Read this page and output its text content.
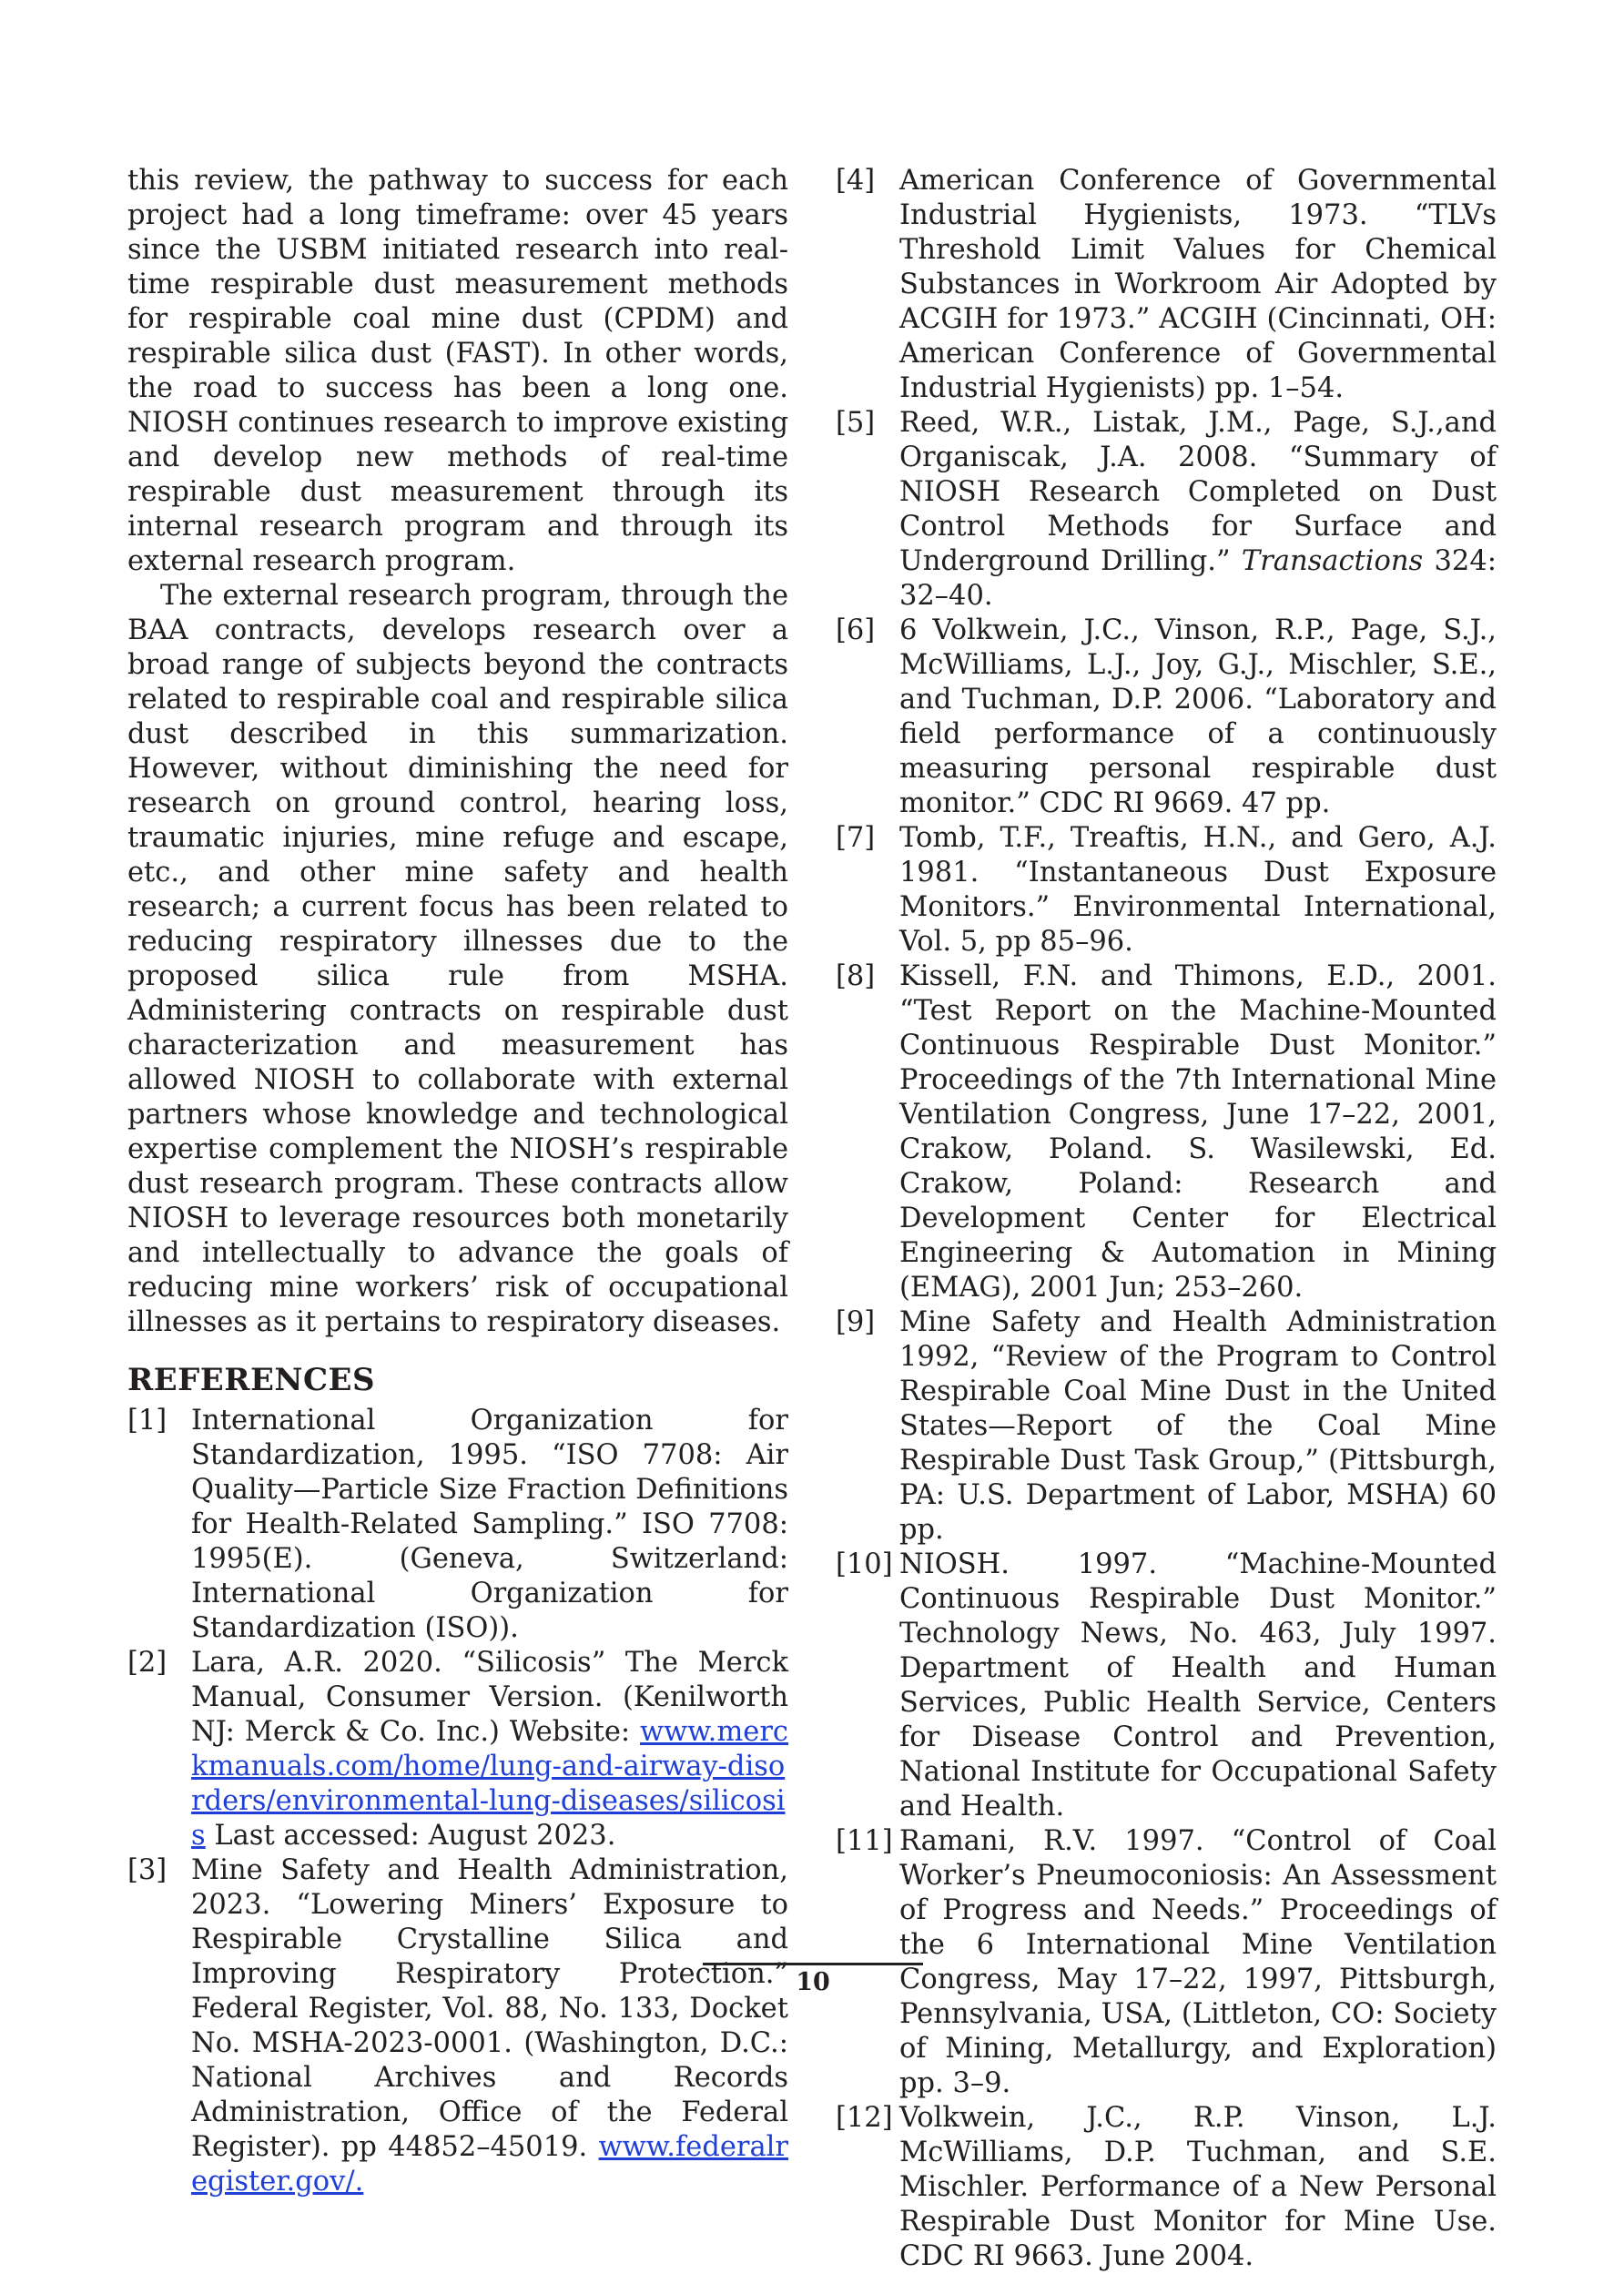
this review, the pathway to success for each project had a long timeframe: over 45 years since the USBM initiated research into real-time respirable dust measurement methods for respirable coal mine dust (CPDM) and respirable silica dust (FAST). In other words, the road to success has been a long one. NIOSH continues research to improve existing and develop new methods of real-time respirable dust measurement through its internal research program and through its external research program.

The external research program, through the BAA contracts, develops research over a broad range of subjects beyond the contracts related to respirable coal and respirable silica dust described in this summarization. However, without diminishing the need for research on ground control, hearing loss, traumatic injuries, mine refuge and escape, etc., and other mine safety and health research; a current focus has been related to reducing respiratory illnesses due to the proposed silica rule from MSHA. Administering contracts on respirable dust characterization and measurement has allowed NIOSH to collaborate with external partners whose knowledge and technological expertise complement the NIOSH’s respirable dust research program. These contracts allow NIOSH to leverage resources both monetarily and intellectually to advance the goals of reducing mine workers’ risk of occupational illnesses as it pertains to respiratory diseases.

REFERENCES
[1] International Organization for Standardization, 1995. “ISO 7708: Air Quality—Particle Size Fraction Definitions for Health-Related Sampling.” ISO 7708: 1995(E). (Geneva, Switzerland: International Organization for Standardization (ISO)).
[2] Lara, A.R. 2020. “Silicosis” The Merck Manual, Consumer Version. (Kenilworth NJ: Merck & Co. Inc.) Website: www.merckmanuals.com/home/lung-and-airway-disorders/environmental-lung-diseases/silicosis Last accessed: August 2023.
[3] Mine Safety and Health Administration, 2023. “Lowering Miners’ Exposure to Respirable Crystalline Silica and Improving Respiratory Protection.” Federal Register, Vol. 88, No. 133, Docket No. MSHA-2023-0001. (Washington, D.C.: National Archives and Records Administration, Office of the Federal Register). pp 44852–45019. www.federalregister.gov/.
[4] American Conference of Governmental Industrial Hygienists, 1973. “TLVs Threshold Limit Values for Chemical Substances in Workroom Air Adopted by ACGIH for 1973.” ACGIH (Cincinnati, OH: American Conference of Governmental Industrial Hygienists) pp. 1–54.
[5] Reed, W.R., Listak, J.M., Page, S.J.,and Organiscak, J.A. 2008. “Summary of NIOSH Research Completed on Dust Control Methods for Surface and Underground Drilling.” Transactions 324: 32–40.
[6] 6 Volkwein, J.C., Vinson, R.P., Page, S.J., McWilliams, L.J., Joy, G.J., Mischler, S.E., and Tuchman, D.P. 2006. “Laboratory and field performance of a continuously measuring personal respirable dust monitor.” CDC RI 9669. 47 pp.
[7] Tomb, T.F., Treaftis, H.N., and Gero, A.J. 1981. “Instantaneous Dust Exposure Monitors.” Environmental International, Vol. 5, pp 85–96.
[8] Kissell, F.N. and Thimons, E.D., 2001. “Test Report on the Machine-Mounted Continuous Respirable Dust Monitor.” Proceedings of the 7th International Mine Ventilation Congress, June 17–22, 2001, Crakow, Poland. S. Wasilewski, Ed. Crakow, Poland: Research and Development Center for Electrical Engineering & Automation in Mining (EMAG), 2001 Jun; 253–260.
[9] Mine Safety and Health Administration 1992, “Review of the Program to Control Respirable Coal Mine Dust in the United States—Report of the Coal Mine Respirable Dust Task Group,” (Pittsburgh, PA: U.S. Department of Labor, MSHA) 60 pp.
[10] NIOSH. 1997. “Machine-Mounted Continuous Respirable Dust Monitor.” Technology News, No. 463, July 1997. Department of Health and Human Services, Public Health Service, Centers for Disease Control and Prevention, National Institute for Occupational Safety and Health.
[11] Ramani, R.V. 1997. “Control of Coal Worker’s Pneumoconiosis: An Assessment of Progress and Needs.” Proceedings of the 6 International Mine Ventilation Congress, May 17–22, 1997, Pittsburgh, Pennsylvania, USA, (Littleton, CO: Society of Mining, Metallurgy, and Exploration) pp. 3–9.
[12] Volkwein, J.C., R.P. Vinson, L.J. McWilliams, D.P. Tuchman, and S.E. Mischler. Performance of a New Personal Respirable Dust Monitor for Mine Use. CDC RI 9663. June 2004.
10
